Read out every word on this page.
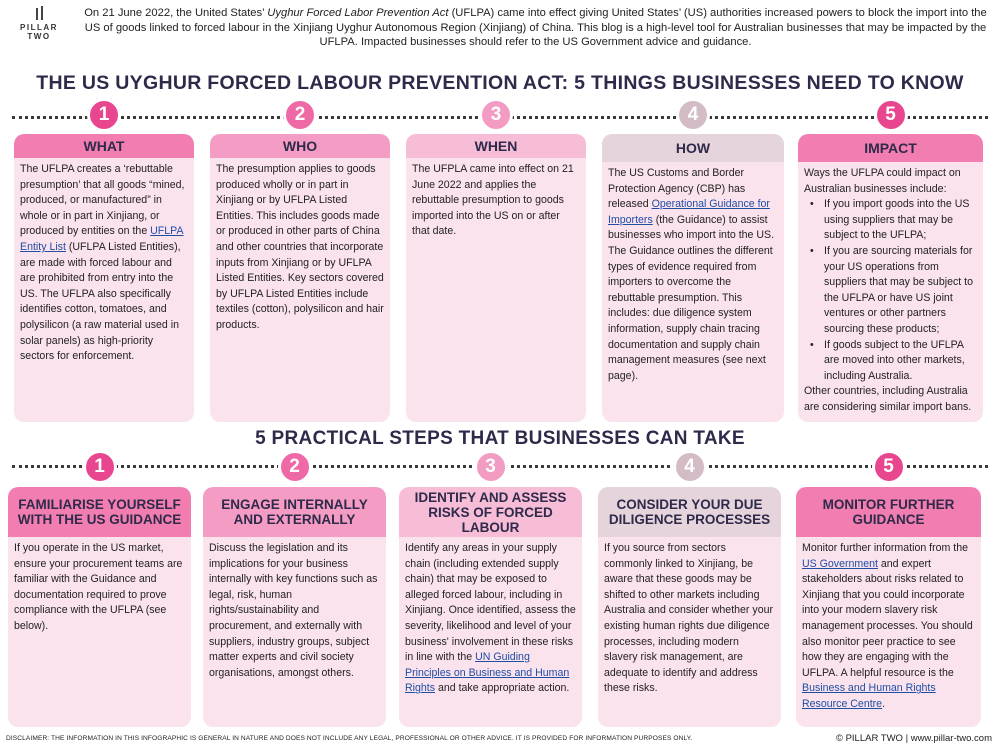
PILLAR TWO
On 21 June 2022, the United States’ Uyghur Forced Labor Prevention Act (UFLPA) came into effect giving United States’ (US) authorities increased powers to block the import into the US of goods linked to forced labour in the Xinjiang Uyghur Autonomous Region (Xinjiang) of China. This blog is a high-level tool for Australian businesses that may be impacted by the UFLPA. Impacted businesses should refer to the US Government advice and guidance.
THE US UYGHUR FORCED LABOUR PREVENTION ACT: 5 THINGS BUSINESSES NEED TO KNOW
WHAT
The UFLPA creates a ‘rebuttable presumption’ that all goods “mined, produced, or manufactured” in whole or in part in Xinjiang, or produced by entities on the UFLPA Entity List (UFLPA Listed Entities), are made with forced labour and are prohibited from entry into the US. The UFLPA also specifically identifies cotton, tomatoes, and polysilicon (a raw material used in solar panels) as high-priority sectors for enforcement.
WHO
The presumption applies to goods produced wholly or in part in Xinjiang or by UFLPA Listed Entities. This includes goods made or produced in other parts of China and other countries that incorporate inputs from Xinjiang or by UFLPA Listed Entities. Key sectors covered by UFLPA Listed Entities include textiles (cotton), polysilicon and hair products.
WHEN
The UFPLA came into effect on 21 June 2022 and applies the rebuttable presumption to goods imported into the US on or after that date.
HOW
The US Customs and Border Protection Agency (CBP) has released Operational Guidance for Importers (the Guidance) to assist businesses who import into the US. The Guidance outlines the different types of evidence required from importers to overcome the rebuttable presumption. This includes: due diligence system information, supply chain tracing documentation and supply chain management measures (see next page).
IMPACT
Ways the UFLPA could impact on Australian businesses include:
• If you import goods into the US using suppliers that may be subject to the UFLPA;
• If you are sourcing materials for your US operations from suppliers that may be subject to the UFLPA or have US joint ventures or other partners sourcing these products;
• If goods subject to the UFLPA are moved into other markets, including Australia.
Other countries, including Australia are considering similar import bans.
5 PRACTICAL STEPS THAT BUSINESSES CAN TAKE
FAMILIARISE YOURSELF WITH THE US GUIDANCE
If you operate in the US market, ensure your procurement teams are familiar with the Guidance and documentation required to prove compliance with the UFLPA (see below).
ENGAGE INTERNALLY AND EXTERNALLY
Discuss the legislation and its implications for your business internally with key functions such as legal, risk, human rights/sustainability and procurement, and externally with suppliers, industry groups, subject matter experts and civil society organisations, amongst others.
IDENTIFY AND ASSESS RISKS OF FORCED LABOUR
Identify any areas in your supply chain (including extended supply chain) that may be exposed to alleged forced labour, including in Xinjiang. Once identified, assess the severity, likelihood and level of your business' involvement in these risks in line with the UN Guiding Principles on Business and Human Rights and take appropriate action.
CONSIDER YOUR DUE DILIGENCE PROCESSES
If you source from sectors commonly linked to Xinjiang, be aware that these goods may be shifted to other markets including Australia and consider whether your existing human rights due diligence processes, including modern slavery risk management, are adequate to identify and address these risks.
MONITOR FURTHER GUIDANCE
Monitor further information from the US Government and expert stakeholders about risks related to Xinjiang that you could incorporate into your modern slavery risk management processes. You should also monitor peer practice to see how they are engaging with the UFLPA. A helpful resource is the Business and Human Rights Resource Centre.
DISCLAIMER: THE INFORMATION IN THIS INFOGRAPHIC IS GENERAL IN NATURE AND DOES NOT INCLUDE ANY LEGAL, PROFESSIONAL OR OTHER ADVICE. IT IS PROVIDED FOR INFORMATION PURPOSES ONLY.	© PILLAR TWO | www.pillar-two.com
1	2	3	4	5
1	2	3	4	5
